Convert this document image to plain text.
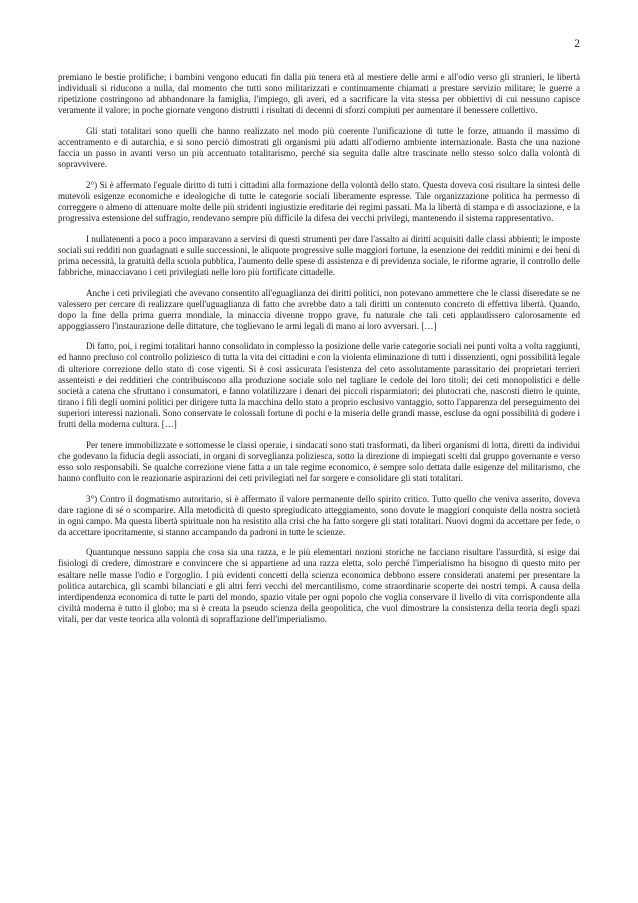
2

premiano le bestie prolifiche; i bambini vengono educati fin dalla più tenera età al mestiere delle armi e all'odio verso gli stranieri, le libertà individuali si riducono a nulla, dal momento che tutti sono militarizzati e continuamente chiamati a prestare servizio militare; le guerre a ripetizione costringono ad abbandonare la famiglia, l'impiego, gli averi, ed a sacrificare la vita stessa per obbiettivi di cui nessuno capisce veramente il valore; in poche giornate vengono distrutti i risultati di decenni di sforzi compiuti per aumentare il benessere collettivo.

Gli stati totalitari sono quelli che hanno realizzato nel modo più coerente l'unificazione di tutte le forze, attuando il massimo di accentramento e di autarchia, e si sono perciò dimostrati gli organismi più adatti all'odierno ambiente internazionale. Basta che una nazione faccia un passo in avanti verso un più accentuato totalitarismo, perché sia seguita dalle altre trascinate nello stesso solco dalla volontà di sopravvivere.

2°) Si è affermato l'eguale diritto di tutti i cittadini alla formazione della volontà dello stato. Questa doveva così risultare la sintesi delle mutevoli esigenze economiche e ideologiche di tutte le categorie sociali liberamente espresse. Tale organizzazione politica ha permesso di correggere o almeno di attenuare molte delle più stridenti ingiustizie ereditarie dei regimi passati. Ma la libertà di stampa e di associazione, e la progressiva estensione del suffragio, rendevano sempre più difficile la difesa dei vecchi privilegi, mantenendo il sistema rappresentativo.

I nullatenenti a poco a poco imparavano a servirsi di questi strumenti per dare l'assalto ai diritti acquisiti dalle classi abbienti; le imposte sociali sui redditi non guadagnati e sulle successioni, le aliquote progressive sulle maggiori fortune, la esenzione dei redditi minimi e dei beni di prima necessità, la gratuità della scuola pubblica, l'aumento delle spese di assistenza e di previdenza sociale, le riforme agrarie, il controllo delle fabbriche, minacciavano i ceti privilegiati nelle loro più fortificate cittadelle.

Anche i ceti privilegiati che avevano consentito all'eguaglianza dei diritti politici, non potevano ammettere che le classi diseredate se ne valessero per cercare di realizzare quell'uguaglianza di fatto che avrebbe dato a tali diritti un contenuto concreto di effettiva libertà. Quando, dopo la fine della prima guerra mondiale, la minaccia divenne troppo grave, fu naturale che tali ceti applaudissero calorosamente ed appoggiassero l'instaurazione delle dittature, che toglievano le armi legali di mano ai loro avversari. […]

Di fatto, poi, i regimi totalitari hanno consolidato in complesso la posizione delle varie categorie sociali nei punti volta a volta raggiunti, ed hanno precluso col controllo poliziesco di tutta la vita dei cittadini e con la violenta eliminazione di tutti i dissenzienti, ogni possibilità legale di ulteriore correzione dello stato di cose vigenti. Si è così assicurata l'esistenza del ceto assolutamente parassitario dei proprietari terrieri assenteisti e dei redditieri che contribuiscono alla produzione sociale solo nel tagliare le cedole dei loro titoli; dei ceti monopolistici e delle società a catena che sfruttano i consumatori, e fanno volatilizzare i denari dei piccoli risparmiatori; dei plutocrati che, nascosti dietro le quinte, tirano i fili degli uomini politici per dirigere tutta la macchina dello stato a proprio esclusivo vantaggio, sotto l'apparenza del perseguimento dei superiori interessi nazionali. Sono conservate le colossali fortune di pochi e la miseria delle grandi masse, escluse da ogni possibilità di godere i frutti della moderna cultura. […]

Per tenere immobilizzate e sottomesse le classi operaie, i sindacati sono stati trasformati, da liberi organismi di lotta, diretti da individui che godevano la fiducia degli associati, in organi di sorveglianza poliziesca, sotto la direzione di impiegati scelti dal gruppo governante e verso esso solo responsabili. Se qualche correzione viene fatta a un tale regime economico, è sempre solo dettata dalle esigenze del militarismo, che hanno confluito con le reazionarie aspirazioni dei ceti privilegiati nel far sorgere e consolidare gli stati totalitari.

3°) Contro il dogmatismo autoritario, si è affermato il valore permanente dello spirito critico. Tutto quello che veniva asserito, doveva dare ragione di sé o scomparire. Alla metodicità di questo spregiudicato atteggiamento, sono dovute le maggiori conquiste della nostra società in ogni campo. Ma questa libertà spirituale non ha resistito alla crisi che ha fatto sorgere gli stati totalitari. Nuovi dogmi da accettare per fede, o da accettare ipocritamente, si stanno accampando da padroni in tutte le scienze.

Quantunque nessuno sappia che cosa sia una razza, e le più elementari nozioni storiche ne facciano risultare l'assurdità, si esige dai fisiologi di credere, dimostrare e convincere che si appartiene ad una razza eletta, solo perché l'imperialismo ha bisogno di questo mito per esaltare nelle masse l'odio e l'orgoglio. I più evidenti concetti della scienza economica debbono essere considerati anatemi per presentare la politica autarchica, gli scambi bilanciati e gli altri ferri vecchi del mercantilismo, come straordinarie scoperte dei nostri tempi. A causa della interdipendenza economica di tutte le parti del mondo, spazio vitale per ogni popolo che voglia conservare il livello di vita corrispondente alla civiltà moderna è tutto il globo; ma si è creata la pseudo scienza della geopolitica, che vuol dimostrare la consistenza della teoria degli spazi vitali, per dar veste teorica alla volontà di sopraffazione dell'imperialismo.
